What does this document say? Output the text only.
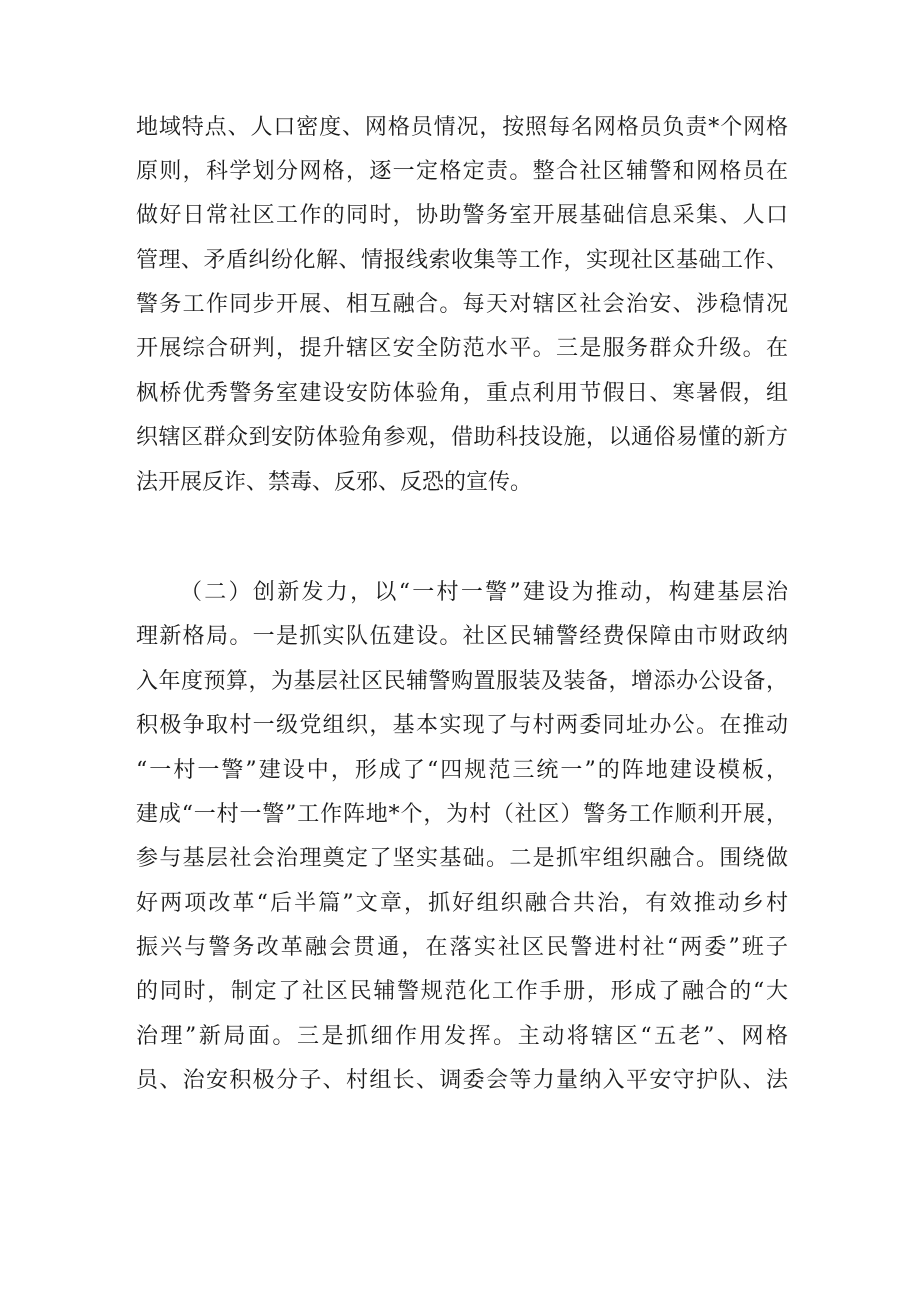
地域特点、人口密度、网格员情况，按照每名网格员负责*个网格
原则，科学划分网格，逐一定格定责。整合社区辅警和网格员在
做好日常社区工作的同时，协助警务室开展基础信息采集、人口
管理、矛盾纠纷化解、情报线索收集等工作，实现社区基础工作、
警务工作同步开展、相互融合。每天对辖区社会治安、涉稳情况
开展综合研判，提升辖区安全防范水平。三是服务群众升级。在
枫桥优秀警务室建设安防体验角，重点利用节假日、寒暑假，组
织辖区群众到安防体验角参观，借助科技设施，以通俗易懂的新方
法开展反诈、禁毒、反邪、反恐的宣传。
（二）创新发力，以“一村一警”建设为推动，构建基层治
理新格局。一是抓实队伍建设。社区民辅警经费保障由市财政纳
入年度预算，为基层社区民辅警购置服装及装备，增添办公设备，
积极争取村一级党组织，基本实现了与村两委同址办公。在推动
“一村一警”建设中，形成了“四规范三统一”的阵地建设模板，
建成“一村一警”工作阵地*个，为村（社区）警务工作顺利开展，
参与基层社会治理奠定了坚实基础。二是抓牢组织融合。围绕做
好两项改革“后半篇”文章，抓好组织融合共治，有效推动乡村
振兴与警务改革融会贯通，在落实社区民警进村社“两委”班子
的同时，制定了社区民辅警规范化工作手册，形成了融合的“大
治理”新局面。三是抓细作用发挥。主动将辖区“五老”、网格
员、治安积极分子、村组长、调委会等力量纳入平安守护队、法
